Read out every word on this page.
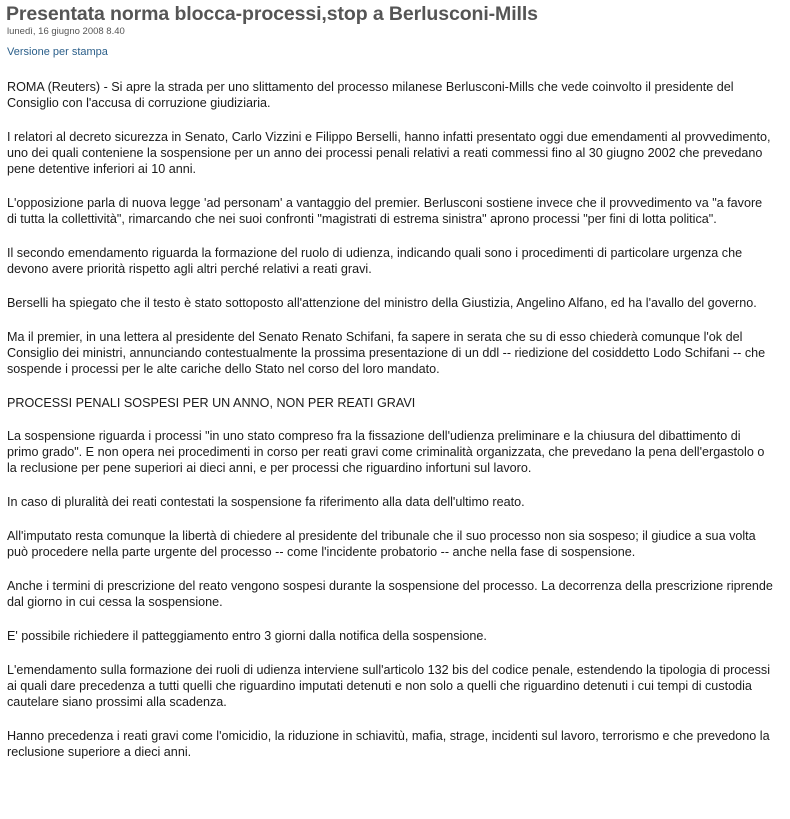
Presentata norma blocca-processi,stop a Berlusconi-Mills
lunedì, 16 giugno 2008 8.40
Versione per stampa

ROMA (Reuters) - Si apre la strada per uno slittamento del processo milanese Berlusconi-Mills che vede coinvolto il presidente del Consiglio con l'accusa di corruzione giudiziaria.

I relatori al decreto sicurezza in Senato, Carlo Vizzini e Filippo Berselli, hanno infatti presentato oggi due emendamenti al provvedimento, uno dei quali conteniene la sospensione per un anno dei processi penali relativi a reati commessi fino al 30 giugno 2002 che prevedano pene detentive inferiori ai 10 anni.

L'opposizione parla di nuova legge 'ad personam' a vantaggio del premier. Berlusconi sostiene invece che il provvedimento va "a favore di tutta la collettività", rimarcando che nei suoi confronti "magistrati di estrema sinistra" aprono processi "per fini di lotta politica".

Il secondo emendamento riguarda la formazione del ruolo di udienza, indicando quali sono i procedimenti di particolare urgenza che devono avere priorità rispetto agli altri perché relativi a reati gravi.

Berselli ha spiegato che il testo è stato sottoposto all'attenzione del ministro della Giustizia, Angelino Alfano, ed ha l'avallo del governo.

Ma il premier, in una lettera al presidente del Senato Renato Schifani, fa sapere in serata che su di esso chiederà comunque l'ok del Consiglio dei ministri, annunciando contestualmente la prossima presentazione di un ddl -- riedizione del cosiddetto Lodo Schifani -- che sospende i processi per le alte cariche dello Stato nel corso del loro mandato.

PROCESSI PENALI SOSPESI PER UN ANNO, NON PER REATI GRAVI

La sospensione riguarda i processi "in uno stato compreso fra la fissazione dell'udienza preliminare e la chiusura del dibattimento di primo grado". E non opera nei procedimenti in corso per reati gravi come criminalità organizzata, che prevedano la pena dell'ergastolo o la reclusione per pene superiori ai dieci anni, e per processi che riguardino infortuni sul lavoro.

In caso di pluralità dei reati contestati la sospensione fa riferimento alla data dell'ultimo reato.

All'imputato resta comunque la libertà di chiedere al presidente del tribunale che il suo processo non sia sospeso; il giudice a sua volta può procedere nella parte urgente del processo -- come l'incidente probatorio -- anche nella fase di sospensione.

Anche i termini di prescrizione del reato vengono sospesi durante la sospensione del processo. La decorrenza della prescrizione riprende dal giorno in cui cessa la sospensione.

E' possibile richiedere il patteggiamento entro 3 giorni dalla notifica della sospensione.

L'emendamento sulla formazione dei ruoli di udienza interviene sull'articolo 132 bis del codice penale, estendendo la tipologia di processi ai quali dare precedenza a tutti quelli che riguardino imputati detenuti e non solo a quelli che riguardino detenuti i cui tempi di custodia cautelare siano prossimi alla scadenza.

Hanno precedenza i reati gravi come l'omicidio, la riduzione in schiavitù, mafia, strage, incidenti sul lavoro, terrorismo e che prevedono la reclusione superiore a dieci anni.
